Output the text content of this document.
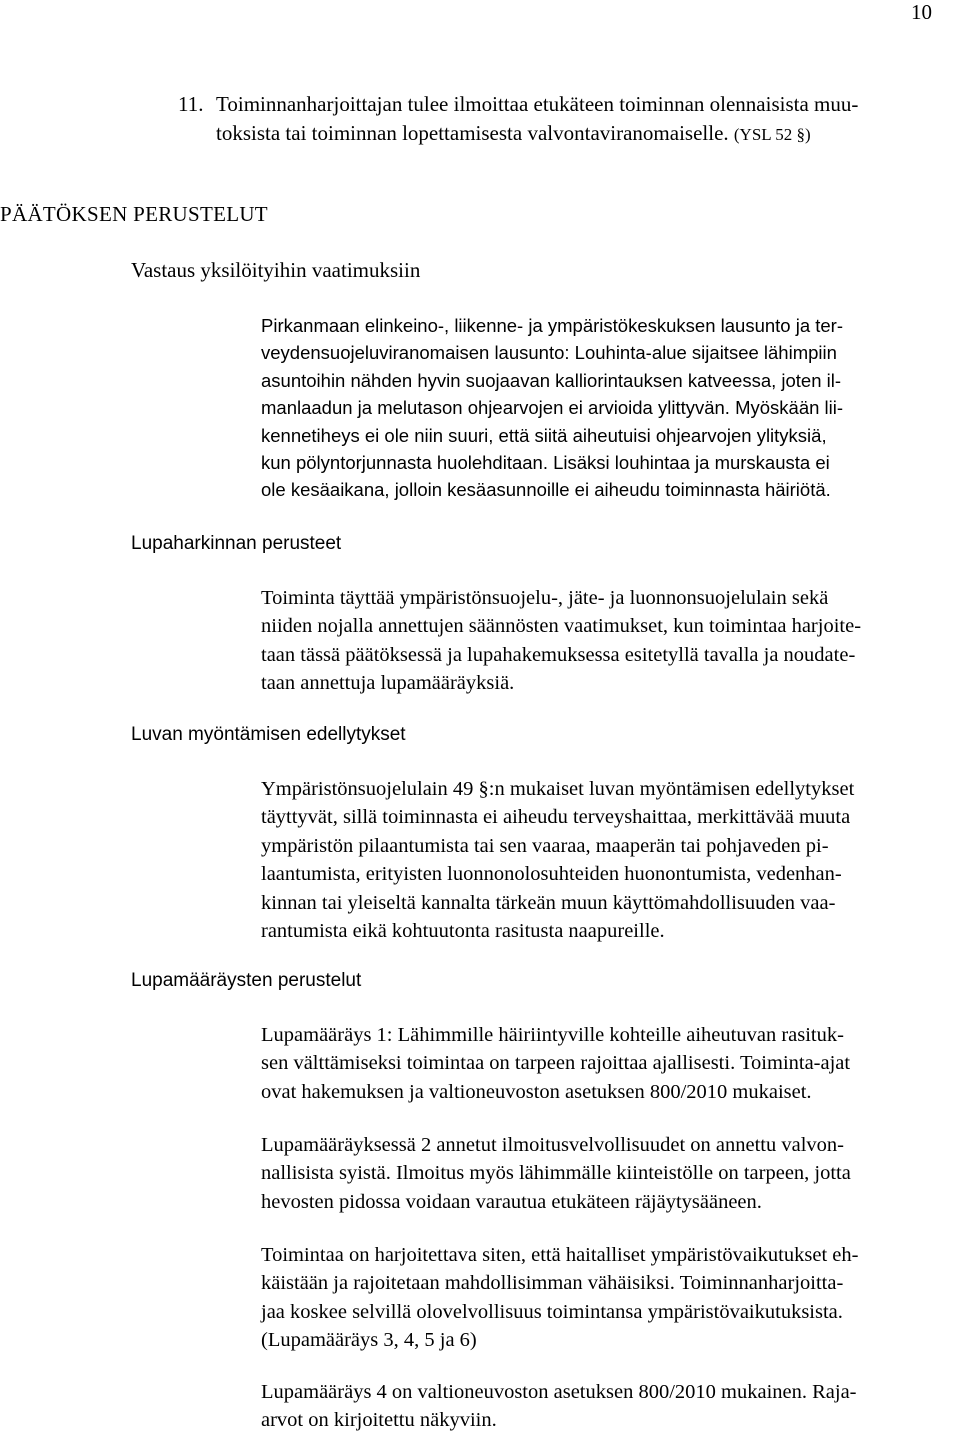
10
11. Toiminnanharjoittajan tulee ilmoittaa etukäteen toiminnan olennaisista muu-
toksista tai toiminnan lopettamisesta valvontaviranomaiselle. (YSL 52 §)
PÄÄTÖKSEN PERUSTELUT
Vastaus yksilöityihin vaatimuksiin
Pirkanmaan elinkeino-, liikenne- ja ympäristökeskuksen lausunto ja ter-
veydensuojeluviranomaisen lausunto: Louhinta-alue sijaitsee lähimpiin
asuntoihin nähden hyvin suojaavan kalliorintauksen katveessa, joten il-
manlaadun ja melutason ohjearvojen ei arvioida ylittyvän. Myöskään lii-
kennetiheys ei ole niin suuri, että siitä aiheutuisi ohjearvojen ylityksiä,
kun pölyntorjunnasta huolehditaan. Lisäksi louhintaa ja murskausta ei
ole kesäaikana, jolloin kesäasunnoille ei aiheudu toiminnasta häiriötä.
Lupaharkinnan perusteet
Toiminta täyttää ympäristönsuojelu-, jäte- ja luonnonsuojelulain sekä
niiden nojalla annettujen säännösten vaatimukset, kun toimintaa harjoite-
taan tässä päätöksessä ja lupahakemuksessa esitetyllä tavalla ja noudate-
taan annettuja lupamääräyksiä.
Luvan myöntämisen edellytykset
Ympäristönsuojelulain 49 §:n mukaiset luvan myöntämisen edellytykset
täyttyvät, sillä toiminnasta ei aiheudu terveyshaittaa, merkittävää muuta
ympäristön pilaantumista tai sen vaaraa, maaperän tai pohjaveden pi-
laantumista, erityisten luonnonolosuhteiden huonontumista, vedenhan-
kinnan tai yleiseltä kannalta tärkeän muun käyttömahdollisuuden vaa-
rantumista eikä kohtuutonta rasitusta naapureille.
Lupamääräysten perustelut
Lupamääräys 1: Lähimmille häiriintyville kohteille aiheutuvan rasituk-
sen välttämiseksi toimintaa on tarpeen rajoittaa ajallisesti. Toiminta-ajat
ovat hakemuksen ja valtioneuvoston asetuksen 800/2010 mukaiset.
Lupamääräyksessä 2 annetut ilmoitusvelvollisuudet on annettu valvon-
nallisista syistä. Ilmoitus myös lähimmälle kiinteistölle on tarpeen, jotta
hevosten pidossa voidaan varautua etukäteen räjäytysääneen.
Toimintaa on harjoitettava siten, että haitalliset ympäristövaikutukset eh-
käistään ja rajoitetaan mahdollisimman vähäisiksi. Toiminnanharjoitta-
jaa koskee selvillä olovelvollisuus toimintansa ympäristövaikutuksista.
(Lupamääräys 3, 4, 5 ja 6)
Lupamääräys 4 on valtioneuvoston asetuksen 800/2010 mukainen. Raja-
arvot on kirjoitettu näkyviin.
